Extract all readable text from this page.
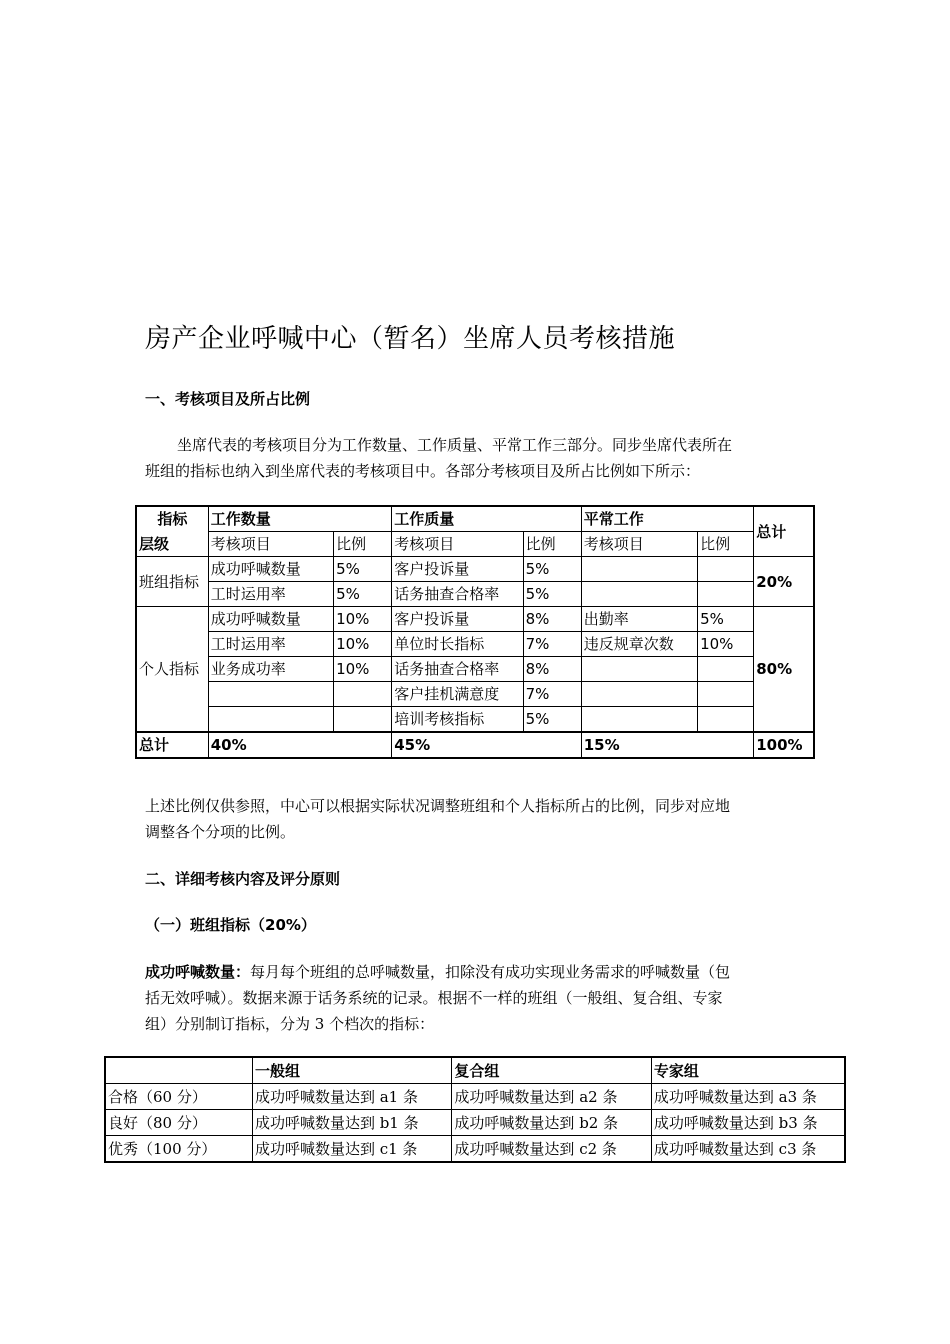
房产企业呼喊中心（暂名）坐席人员考核措施
一、考核项目及所占比例
坐席代表的考核项目分为工作数量、工作质量、平常工作三部分。同步坐席代表所在
班组的指标也纳入到坐席代表的考核项目中。各部分考核项目及所占比例如下所示：
指标	工作数量		工作质量		平常工作		总计
层级	考核项目	比例	考核项目	比例	考核项目	比例	
班组指标	成功呼喊数量	5%	客户投诉量	5%			20%
	工时运用率	5%	话务抽查合格率	5%			
个人指标	成功呼喊数量	10%	客户投诉量	8%	出勤率	5%	80%
	工时运用率	10%	单位时长指标	7%	违反规章次数	10%	
	业务成功率	10%	话务抽查合格率	8%			
			客户挂机满意度	7%			
			培训考核指标	5%			
总计	40%		45%		15%		100%
上述比例仅供参照，中心可以根据实际状况调整班组和个人指标所占的比例，同步对应地
调整各个分项的比例。
二、详细考核内容及评分原则
（一）班组指标（20%）
成功呼喊数量：每月每个班组的总呼喊数量，扣除没有成功实现业务需求的呼喊数量（包
括无效呼喊）。数据来源于话务系统的记录。根据不一样的班组（一般组、复合组、专家
组）分别制订指标，分为 3 个档次的指标：
	一般组	复合组	专家组
合格（60 分）	成功呼喊数量达到 a1 条	成功呼喊数量达到 a2 条	成功呼喊数量达到 a3 条
良好（80 分）	成功呼喊数量达到 b1 条	成功呼喊数量达到 b2 条	成功呼喊数量达到 b3 条
优秀（100 分）	成功呼喊数量达到 c1 条	成功呼喊数量达到 c2 条	成功呼喊数量达到 c3 条
